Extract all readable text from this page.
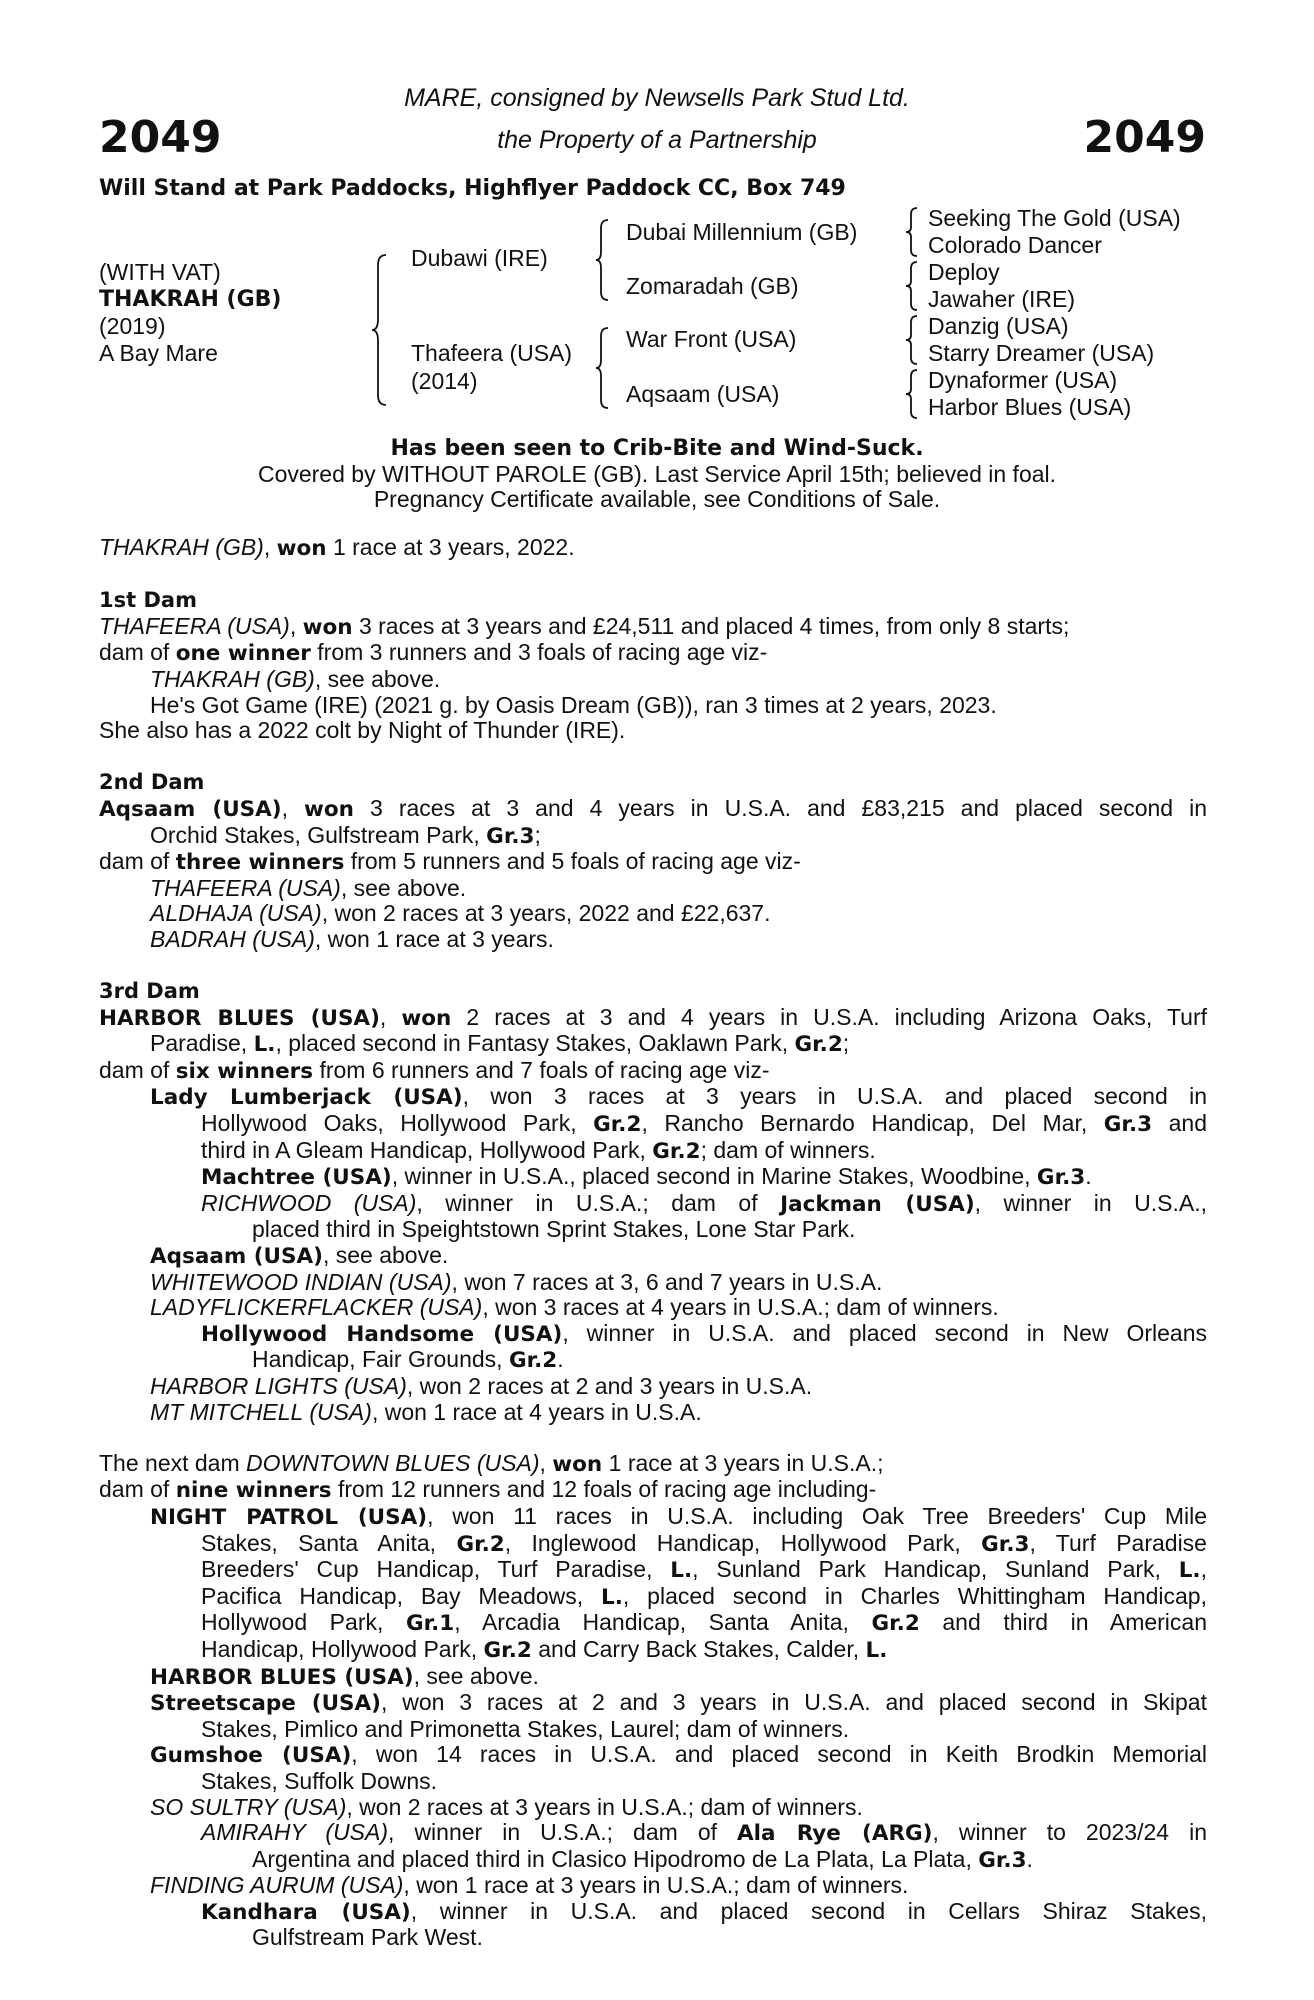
2049	2049
MARE, consigned by Newsells Park Stud Ltd.
the Property of a Partnership
Will Stand at Park Paddocks, Highflyer Paddock CC, Box 749
(WITH VAT)
THAKRAH (GB)
(2019)
A Bay Mare
Dubawi (IRE)
Thafeera (USA)
(2014)
Dubai Millennium (GB)
Zomaradah (GB)
War Front (USA)
Aqsaam (USA)
Seeking The Gold (USA)
Colorado Dancer
Deploy
Jawaher (IRE)
Danzig (USA)
Starry Dreamer (USA)
Dynaformer (USA)
Harbor Blues (USA)
Has been seen to Crib-Bite and Wind-Suck.
Covered by WITHOUT PAROLE (GB). Last Service April 15th; believed in foal.
Pregnancy Certificate available, see Conditions of Sale.
THAKRAH (GB), won 1 race at 3 years, 2022.
1st Dam
THAFEERA (USA), won 3 races at 3 years and £24,511 and placed 4 times, from only 8 starts;
dam of one winner from 3 runners and 3 foals of racing age viz-
THAKRAH (GB), see above.
He's Got Game (IRE) (2021 g. by Oasis Dream (GB)), ran 3 times at 2 years, 2023.
She also has a 2022 colt by Night of Thunder (IRE).
2nd Dam
Aqsaam (USA), won 3 races at 3 and 4 years in U.S.A. and £83,215 and placed second in
Orchid Stakes, Gulfstream Park, Gr.3;
dam of three winners from 5 runners and 5 foals of racing age viz-
THAFEERA (USA), see above.
ALDHAJA (USA), won 2 races at 3 years, 2022 and £22,637.
BADRAH (USA), won 1 race at 3 years.
3rd Dam
HARBOR BLUES (USA), won 2 races at 3 and 4 years in U.S.A. including Arizona Oaks, Turf
Paradise, L., placed second in Fantasy Stakes, Oaklawn Park, Gr.2;
dam of six winners from 6 runners and 7 foals of racing age viz-
Lady Lumberjack (USA), won 3 races at 3 years in U.S.A. and placed second in
Hollywood Oaks, Hollywood Park, Gr.2, Rancho Bernardo Handicap, Del Mar, Gr.3 and
third in A Gleam Handicap, Hollywood Park, Gr.2; dam of winners.
Machtree (USA), winner in U.S.A., placed second in Marine Stakes, Woodbine, Gr.3.
RICHWOOD (USA), winner in U.S.A.; dam of Jackman (USA), winner in U.S.A.,
placed third in Speightstown Sprint Stakes, Lone Star Park.
Aqsaam (USA), see above.
WHITEWOOD INDIAN (USA), won 7 races at 3, 6 and 7 years in U.S.A.
LADYFLICKERFLACKER (USA), won 3 races at 4 years in U.S.A.; dam of winners.
Hollywood Handsome (USA), winner in U.S.A. and placed second in New Orleans
Handicap, Fair Grounds, Gr.2.
HARBOR LIGHTS (USA), won 2 races at 2 and 3 years in U.S.A.
MT MITCHELL (USA), won 1 race at 4 years in U.S.A.
The next dam DOWNTOWN BLUES (USA), won 1 race at 3 years in U.S.A.;
dam of nine winners from 12 runners and 12 foals of racing age including-
NIGHT PATROL (USA), won 11 races in U.S.A. including Oak Tree Breeders' Cup Mile
Stakes, Santa Anita, Gr.2, Inglewood Handicap, Hollywood Park, Gr.3, Turf Paradise
Breeders' Cup Handicap, Turf Paradise, L., Sunland Park Handicap, Sunland Park, L.,
Pacifica Handicap, Bay Meadows, L., placed second in Charles Whittingham Handicap,
Hollywood Park, Gr.1, Arcadia Handicap, Santa Anita, Gr.2 and third in American
Handicap, Hollywood Park, Gr.2 and Carry Back Stakes, Calder, L.
HARBOR BLUES (USA), see above.
Streetscape (USA), won 3 races at 2 and 3 years in U.S.A. and placed second in Skipat
Stakes, Pimlico and Primonetta Stakes, Laurel; dam of winners.
Gumshoe (USA), won 14 races in U.S.A. and placed second in Keith Brodkin Memorial
Stakes, Suffolk Downs.
SO SULTRY (USA), won 2 races at 3 years in U.S.A.; dam of winners.
AMIRAHY (USA), winner in U.S.A.; dam of Ala Rye (ARG), winner to 2023/24 in
Argentina and placed third in Clasico Hipodromo de La Plata, La Plata, Gr.3.
FINDING AURUM (USA), won 1 race at 3 years in U.S.A.; dam of winners.
Kandhara (USA), winner in U.S.A. and placed second in Cellars Shiraz Stakes,
Gulfstream Park West.
